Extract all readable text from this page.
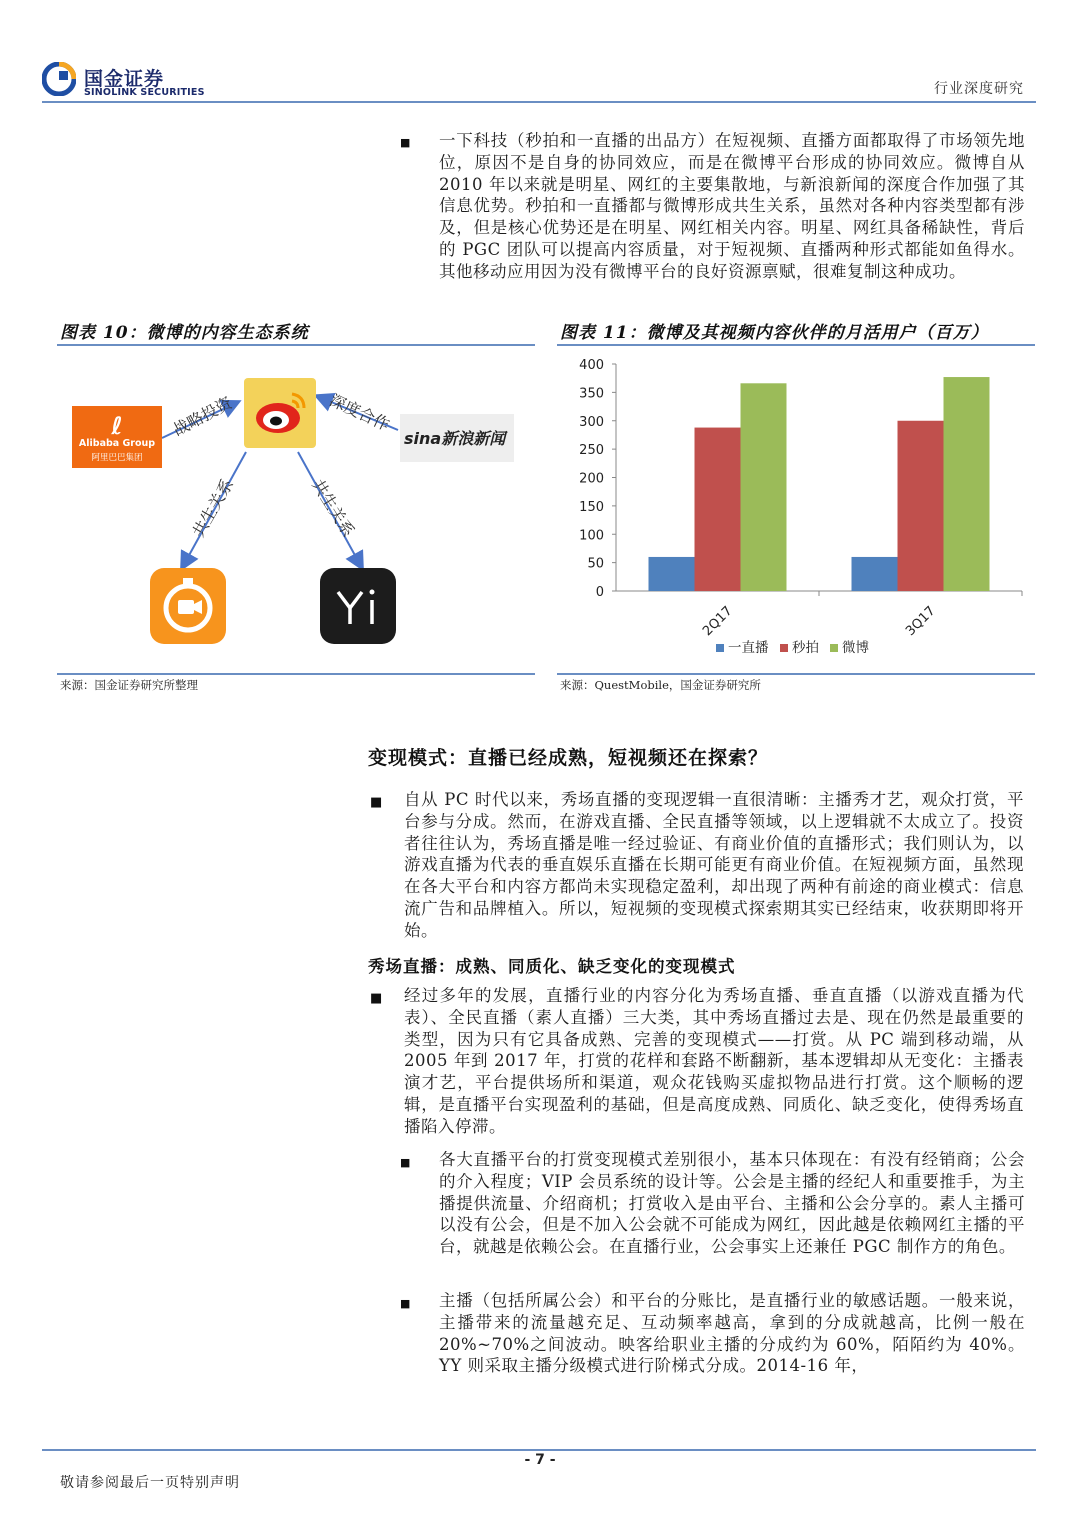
国金证券
SINOLINK SECURITIES	行业深度研究
■ 一下科技（秒拍和一直播的出品方）在短视频、直播方面都取得了市场领先地位，原因不是自身的协同效应，而是在微博平台形成的协同效应。微博自从 2010 年以来就是明星、网红的主要集散地，与新浪新闻的深度合作加强了其信息优势。秒拍和一直播都与微博形成共生关系，虽然对各种内容类型都有涉及，但是核心优势还是在明星、网红相关内容。明星、网红具备稀缺性，背后的 PGC 团队可以提高内容质量，对于短视频、直播两种形式都能如鱼得水。其他移动应用因为没有微博平台的良好资源禀赋，很难复制这种成功。
图表 10：微博的内容生态系统
ℓ
Alibaba Group
阿里巴巴集团
sina新浪新闻
战略投资	深度合作
共生关系	共生关系
来源：国金证券研究所整理
图表 11：微博及其视频内容伙伴的月活用户（百万）
0
50
100
150
200
250
300
350
400
2Q17	3Q17
一直播 秒拍 微博
来源：QuestMobile，国金证券研究所
变现模式：直播已经成熟，短视频还在探索？
■ 自从 PC 时代以来，秀场直播的变现逻辑一直很清晰：主播秀才艺，观众打赏，平台参与分成。然而，在游戏直播、全民直播等领域，以上逻辑就不太成立了。投资者往往认为，秀场直播是唯一经过验证、有商业价值的直播形式；我们则认为，以游戏直播为代表的垂直娱乐直播在长期可能更有商业价值。在短视频方面，虽然现在各大平台和内容方都尚未实现稳定盈利，却出现了两种有前途的商业模式：信息流广告和品牌植入。所以，短视频的变现模式探索期其实已经结束，收获期即将开始。
秀场直播：成熟、同质化、缺乏变化的变现模式
■ 经过多年的发展，直播行业的内容分化为秀场直播、垂直直播（以游戏直播为代表）、全民直播（素人直播）三大类，其中秀场直播过去是、现在仍然是最重要的类型，因为只有它具备成熟、完善的变现模式——打赏。从 PC 端到移动端，从 2005 年到 2017 年，打赏的花样和套路不断翻新，基本逻辑却从无变化：主播表演才艺，平台提供场所和渠道，观众花钱购买虚拟物品进行打赏。这个顺畅的逻辑，是直播平台实现盈利的基础，但是高度成熟、同质化、缺乏变化，使得秀场直播陷入停滞。
■ 各大直播平台的打赏变现模式差别很小，基本只体现在：有没有经销商；公会的介入程度；VIP 会员系统的设计等。公会是主播的经纪人和重要推手，为主播提供流量、介绍商机；打赏收入是由平台、主播和公会分享的。素人主播可以没有公会，但是不加入公会就不可能成为网红，因此越是依赖网红主播的平台，就越是依赖公会。在直播行业，公会事实上还兼任 PGC 制作方的角色。
■ 主播（包括所属公会）和平台的分账比，是直播行业的敏感话题。一般来说，主播带来的流量越充足、互动频率越高，拿到的分成就越高，比例一般在 20%~70%之间波动。映客给职业主播的分成约为 60%，陌陌约为 40%。YY 则采取主播分级模式进行阶梯式分成。2014-16 年，
- 7 -
敬请参阅最后一页特别声明
